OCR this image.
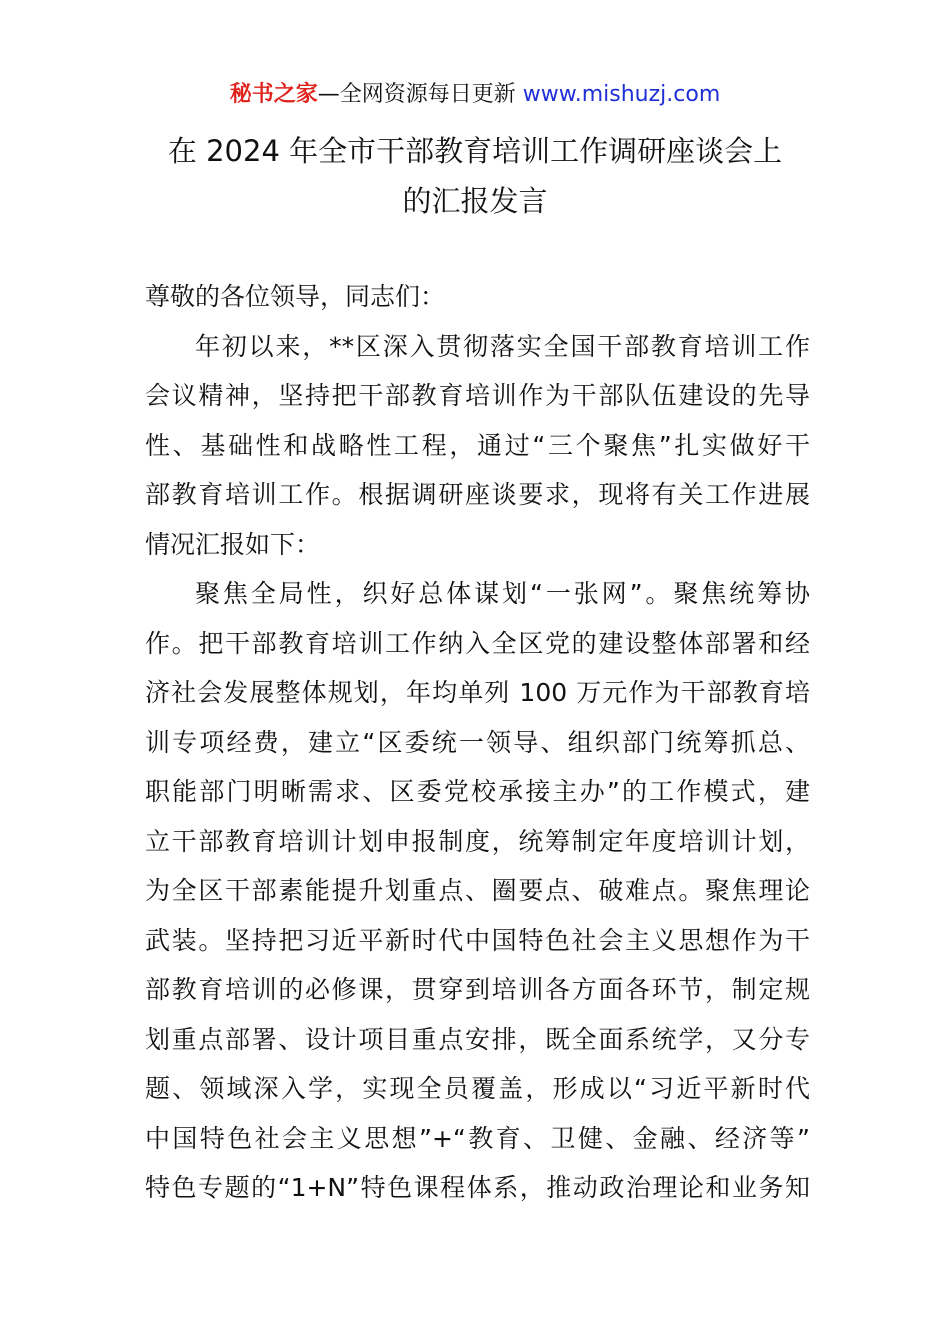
秘书之家—全网资源每日更新 www.mishuzj.com
在 2024 年全市干部教育培训工作调研座谈会上
的汇报发言
尊敬的各位领导，同志们：
年初以来，**区深入贯彻落实全国干部教育培训工作
会议精神，坚持把干部教育培训作为干部队伍建设的先导
性、基础性和战略性工程，通过“三个聚焦”扎实做好干
部教育培训工作。根据调研座谈要求，现将有关工作进展
情况汇报如下：
聚焦全局性，织好总体谋划“一张网”。聚焦统筹协
作。把干部教育培训工作纳入全区党的建设整体部署和经
济社会发展整体规划，年均单列 100 万元作为干部教育培
训专项经费，建立“区委统一领导、组织部门统筹抓总、
职能部门明晰需求、区委党校承接主办”的工作模式，建
立干部教育培训计划申报制度，统筹制定年度培训计划，
为全区干部素能提升划重点、圈要点、破难点。聚焦理论
武装。坚持把习近平新时代中国特色社会主义思想作为干
部教育培训的必修课，贯穿到培训各方面各环节，制定规
划重点部署、设计项目重点安排，既全面系统学，又分专
题、领域深入学，实现全员覆盖，形成以“习近平新时代
中国特色社会主义思想”+“教育、卫健、金融、经济等”
特色专题的“1+N”特色课程体系，推动政治理论和业务知
